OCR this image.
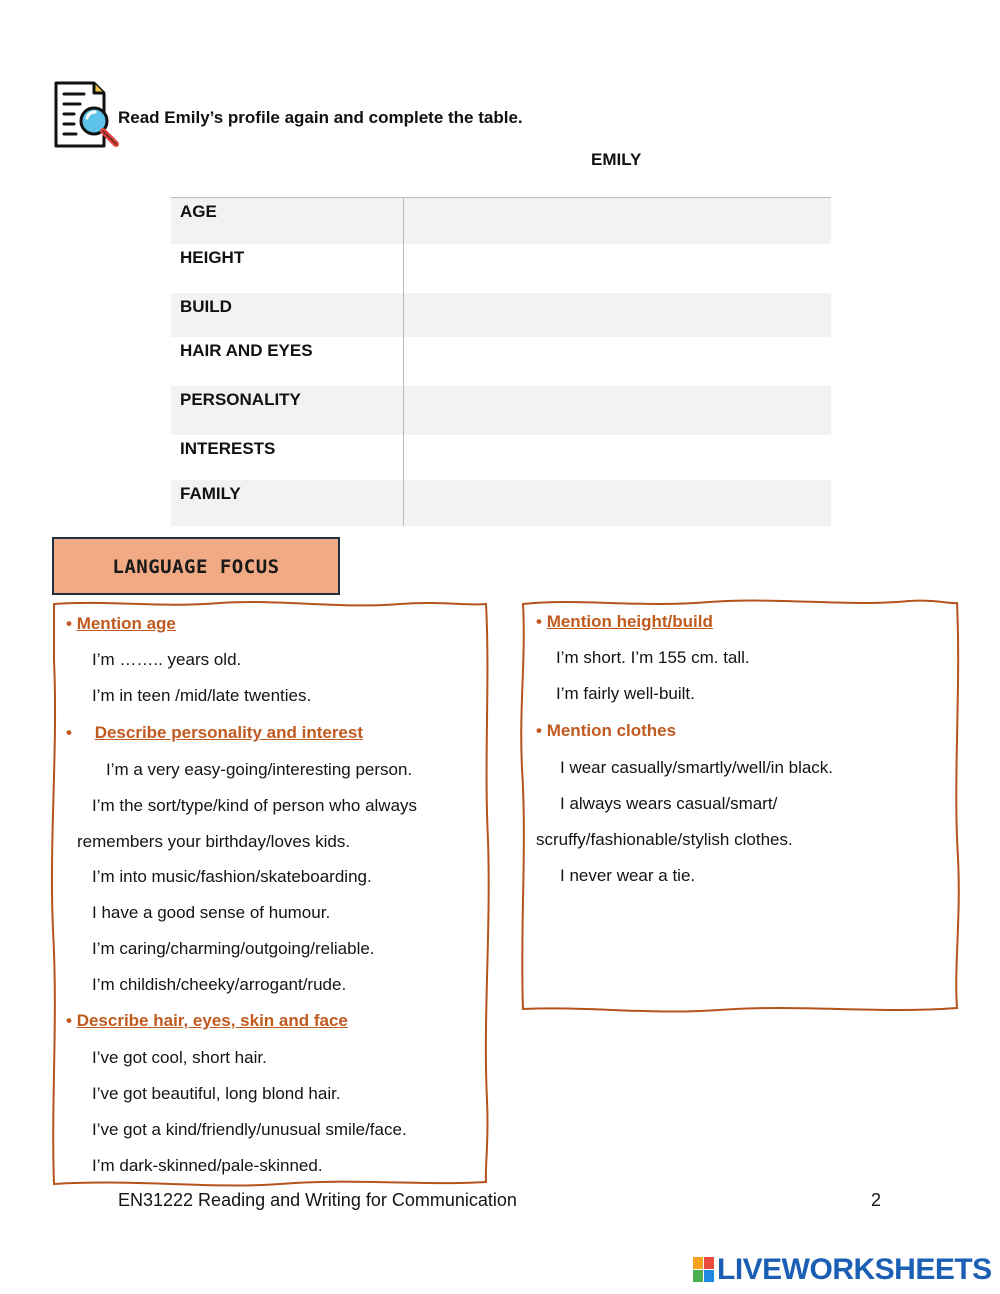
Read Emily’s profile again and complete the table.
EMILY
AGE
HEIGHT
BUILD
HAIR AND EYES
PERSONALITY
INTERESTS
FAMILY
LANGUAGE FOCUS
• Mention age
I’m …….. years old.
I’m in teen /mid/late twenties.
• Describe personality and interest
I’m a very easy-going/interesting person.
I’m the sort/type/kind of person who always
remembers your birthday/loves kids.
I’m into music/fashion/skateboarding.
I have a good sense of humour.
I’m caring/charming/outgoing/reliable.
I’m childish/cheeky/arrogant/rude.
• Describe hair, eyes, skin and face
I’ve got cool, short hair.
I’ve got beautiful, long blond hair.
I’ve got a kind/friendly/unusual smile/face.
I’m dark-skinned/pale-skinned.
• Mention height/build
I’m short. I’m 155 cm. tall.
I’m fairly well-built.
• Mention clothes
I wear casually/smartly/well/in black.
I always wears casual/smart/
scruffy/fashionable/stylish clothes.
I never wear a tie.
EN31222 Reading and Writing for Communication	2
LIVEWORKSHEETS
